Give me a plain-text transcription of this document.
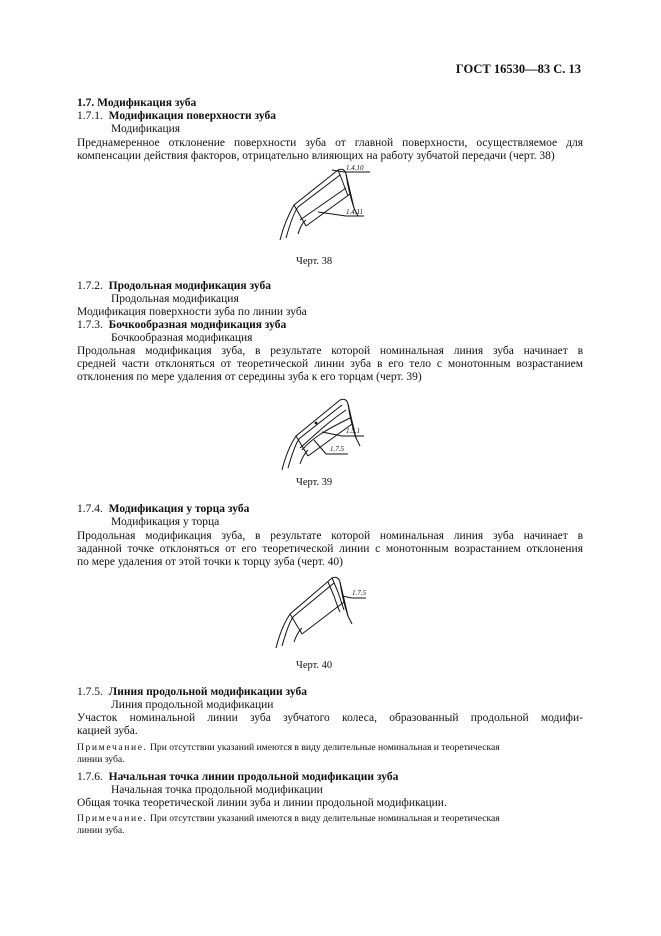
ГОСТ 16530—83 С. 13
1.7. Модификация зуба
1.7.1. Модификация поверхности зуба
Модификация
Преднамеренное отклонение поверхности зуба от главной поверхности, осуществляемое для
компенсации действия факторов, отрицательно влияющих на работу зубчатой передачи (черт. 38)
1.4.10
1.4.11
Черт. 38
1.7.2. Продольная модификация зуба
Продольная модификация
Модификация поверхности зуба по линии зуба
1.7.3. Бочкообразная модификация зуба
Бочкообразная модификация
Продольная модификация зуба, в результате которой номинальная линия зуба начинает в
средней части отклоняться от теоретической линии зуба в его тело с монотонным возрастанием
отклонения по мере удаления от середины зуба к его торцам (черт. 39)
1.5.1
1.7.5
Черт. 39
1.7.4. Модификация у торца зуба
Модификация у торца
Продольная модификация зуба, в результате которой номинальная линия зуба начинает в
заданной точке отклоняться от его теоретической линии с монотонным возрастанием отклонения
по мере удаления от этой точки к торцу зуба (черт. 40)
1.7.5
Черт. 40
1.7.5. Линия продольной модификации зуба
Линия продольной модификации
Участок номинальной линии зуба зубчатого колеса, образованный продольной модифи-
кацией зуба.
Примечание. При отсутствии указаний имеются в виду делительные номинальная и теоретическая
линии зуба.
1.7.6. Начальная точка линии продольной модификации зуба
Начальная точка продольной модификации
Общая точка теоретической линии зуба и линии продольной модификации.
Примечание. При отсутствии указаний имеются в виду делительные номинальная и теоретическая
линии зуба.
